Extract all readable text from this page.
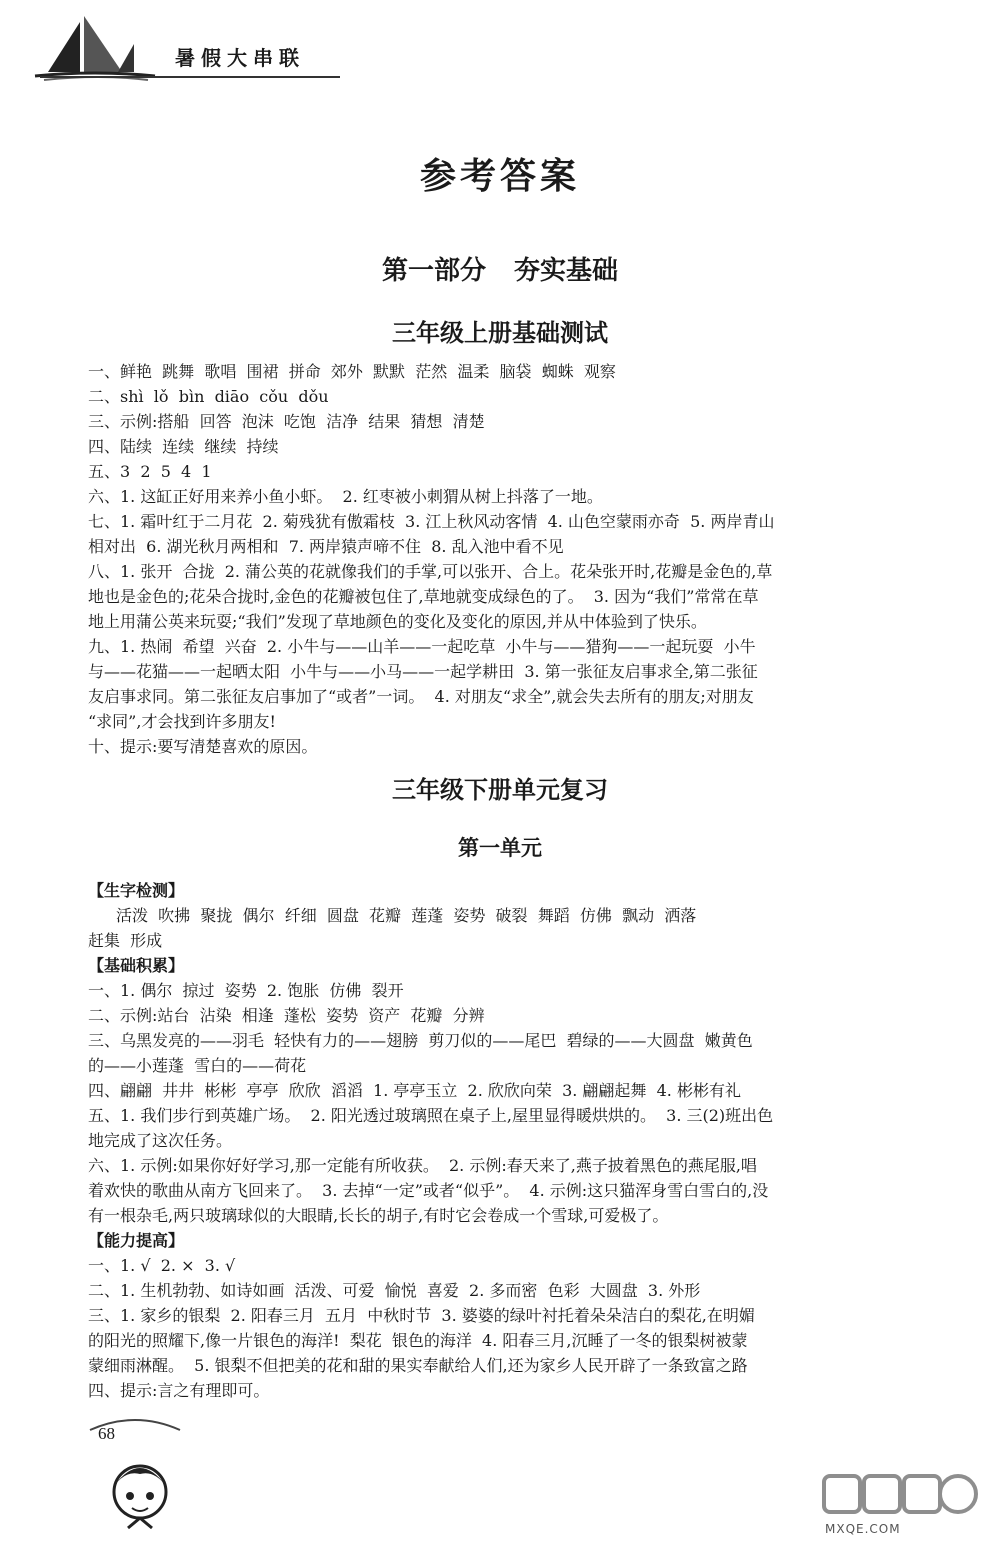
暑假大串联
参考答案
第一部分 夯实基础
三年级上册基础测试
一、鲜艳  跳舞  歌唱  围裙  拼命  郊外  默默  茫然  温柔  脑袋  蜘蛛  观察
二、shì  lǒ  bìn  diāo  cǒu  dǒu
三、示例:搭船  回答  泡沫  吃饱  洁净  结果  猜想  清楚
四、陆续  连续  继续  持续
五、3  2  5  4  1
六、1. 这缸正好用来养小鱼小虾。  2. 红枣被小刺猬从树上抖落了一地。
七、1. 霜叶红于二月花  2. 菊残犹有傲霜枝  3. 江上秋风动客情  4. 山色空蒙雨亦奇  5. 两岸青山
相对出  6. 湖光秋月两相和  7. 两岸猿声啼不住  8. 乱入池中看不见
八、1. 张开  合拢  2. 蒲公英的花就像我们的手掌,可以张开、合上。花朵张开时,花瓣是金色的,草
地也是金色的;花朵合拢时,金色的花瓣被包住了,草地就变成绿色的了。  3. 因为“我们”常常在草
地上用蒲公英来玩耍;“我们”发现了草地颜色的变化及变化的原因,并从中体验到了快乐。
九、1. 热闹  希望  兴奋  2. 小牛与——山羊——一起吃草  小牛与——猎狗——一起玩耍  小牛
与——花猫——一起晒太阳  小牛与——小马——一起学耕田  3. 第一张征友启事求全,第二张征
友启事求同。第二张征友启事加了“或者”一词。  4. 对朋友“求全”,就会失去所有的朋友;对朋友
“求同”,才会找到许多朋友!
十、提示:要写清楚喜欢的原因。
三年级下册单元复习
第一单元
【生字检测】
活泼  吹拂  聚拢  偶尔  纤细  圆盘  花瓣  莲蓬  姿势  破裂  舞蹈  仿佛  飘动  洒落
赶集  形成
【基础积累】
一、1. 偶尔  掠过  姿势  2. 饱胀  仿佛  裂开
二、示例:站台  沾染  相逢  蓬松  姿势  资产  花瓣  分辨
三、乌黑发亮的——羽毛  轻快有力的——翅膀  剪刀似的——尾巴  碧绿的——大圆盘  嫩黄色
的——小莲蓬  雪白的——荷花
四、翩翩  井井  彬彬  亭亭  欣欣  滔滔  1. 亭亭玉立  2. 欣欣向荣  3. 翩翩起舞  4. 彬彬有礼
五、1. 我们步行到英雄广场。  2. 阳光透过玻璃照在桌子上,屋里显得暖烘烘的。  3. 三(2)班出色
地完成了这次任务。
六、1. 示例:如果你好好学习,那一定能有所收获。  2. 示例:春天来了,燕子披着黑色的燕尾服,唱
着欢快的歌曲从南方飞回来了。  3. 去掉“一定”或者“似乎”。  4. 示例:这只猫浑身雪白雪白的,没
有一根杂毛,两只玻璃球似的大眼睛,长长的胡子,有时它会卷成一个雪球,可爱极了。
【能力提高】
一、1. √  2. ×  3. √
二、1. 生机勃勃、如诗如画  活泼、可爱  愉悦  喜爱  2. 多而密  色彩  大圆盘  3. 外形
三、1. 家乡的银梨  2. 阳春三月  五月  中秋时节  3. 婆婆的绿叶衬托着朵朵洁白的梨花,在明媚
的阳光的照耀下,像一片银色的海洋!  梨花  银色的海洋  4. 阳春三月,沉睡了一冬的银梨树被蒙
蒙细雨淋醒。  5. 银梨不但把美的花和甜的果实奉献给人们,还为家乡人民开辟了一条致富之路
四、提示:言之有理即可。
68
MXQE.COM
